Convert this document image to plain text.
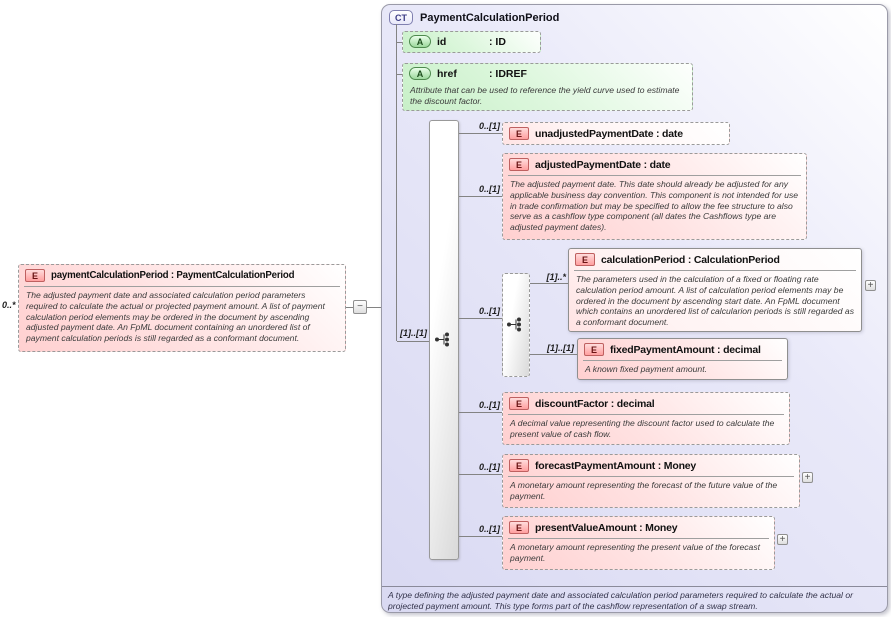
0..*
E	paymentCalculationPeriod : PaymentCalculationPeriod
The adjusted payment date and associated calculation period parameters required to calculate the actual or projected payment amount. A list of payment calculation period elements may be ordered in the document by ascending adjusted payment date. An FpML document containing an unordered list of payment calculation periods is still regarded as a conformant document.
−
CT	PaymentCalculationPeriod
A type defining the adjusted payment date and associated calculation period parameters required to calculate the actual or projected payment amount. This type forms part of the cashflow representation of a swap stream.
A	id	: ID
A	href	: IDREF
Attribute that can be used to reference the yield curve used to estimate the discount factor.
[1]..[1]
0..[1]
0..[1]
0..[1]
0..[1]
0..[1]
0..[1]
E	unadjustedPaymentDate : date
E	adjustedPaymentDate : date
The adjusted payment date. This date should already be adjusted for any applicable business day convention. This component is not intended for use in trade confirmation but may be specified to allow the fee structure to also serve as a cashflow type component (all dates the Cashflows type are adjusted payment dates).
[1]..*
[1]..[1]
E	calculationPeriod : CalculationPeriod
The parameters used in the calculation of a fixed or floating rate calculation period amount. A list of calculation period elements may be ordered in the document by ascending start date. An FpML document which contains an unordered list of calcularion periods is still regarded as a conformant document.
+
E	fixedPaymentAmount : decimal
A known fixed payment amount.
E	discountFactor : decimal
A decimal value representing the discount factor used to calculate the present value of cash flow.
E	forecastPaymentAmount : Money
A monetary amount representing the forecast of the future value of the payment.
+
E	presentValueAmount : Money
A monetary amount representing the present value of the forecast payment.
+
